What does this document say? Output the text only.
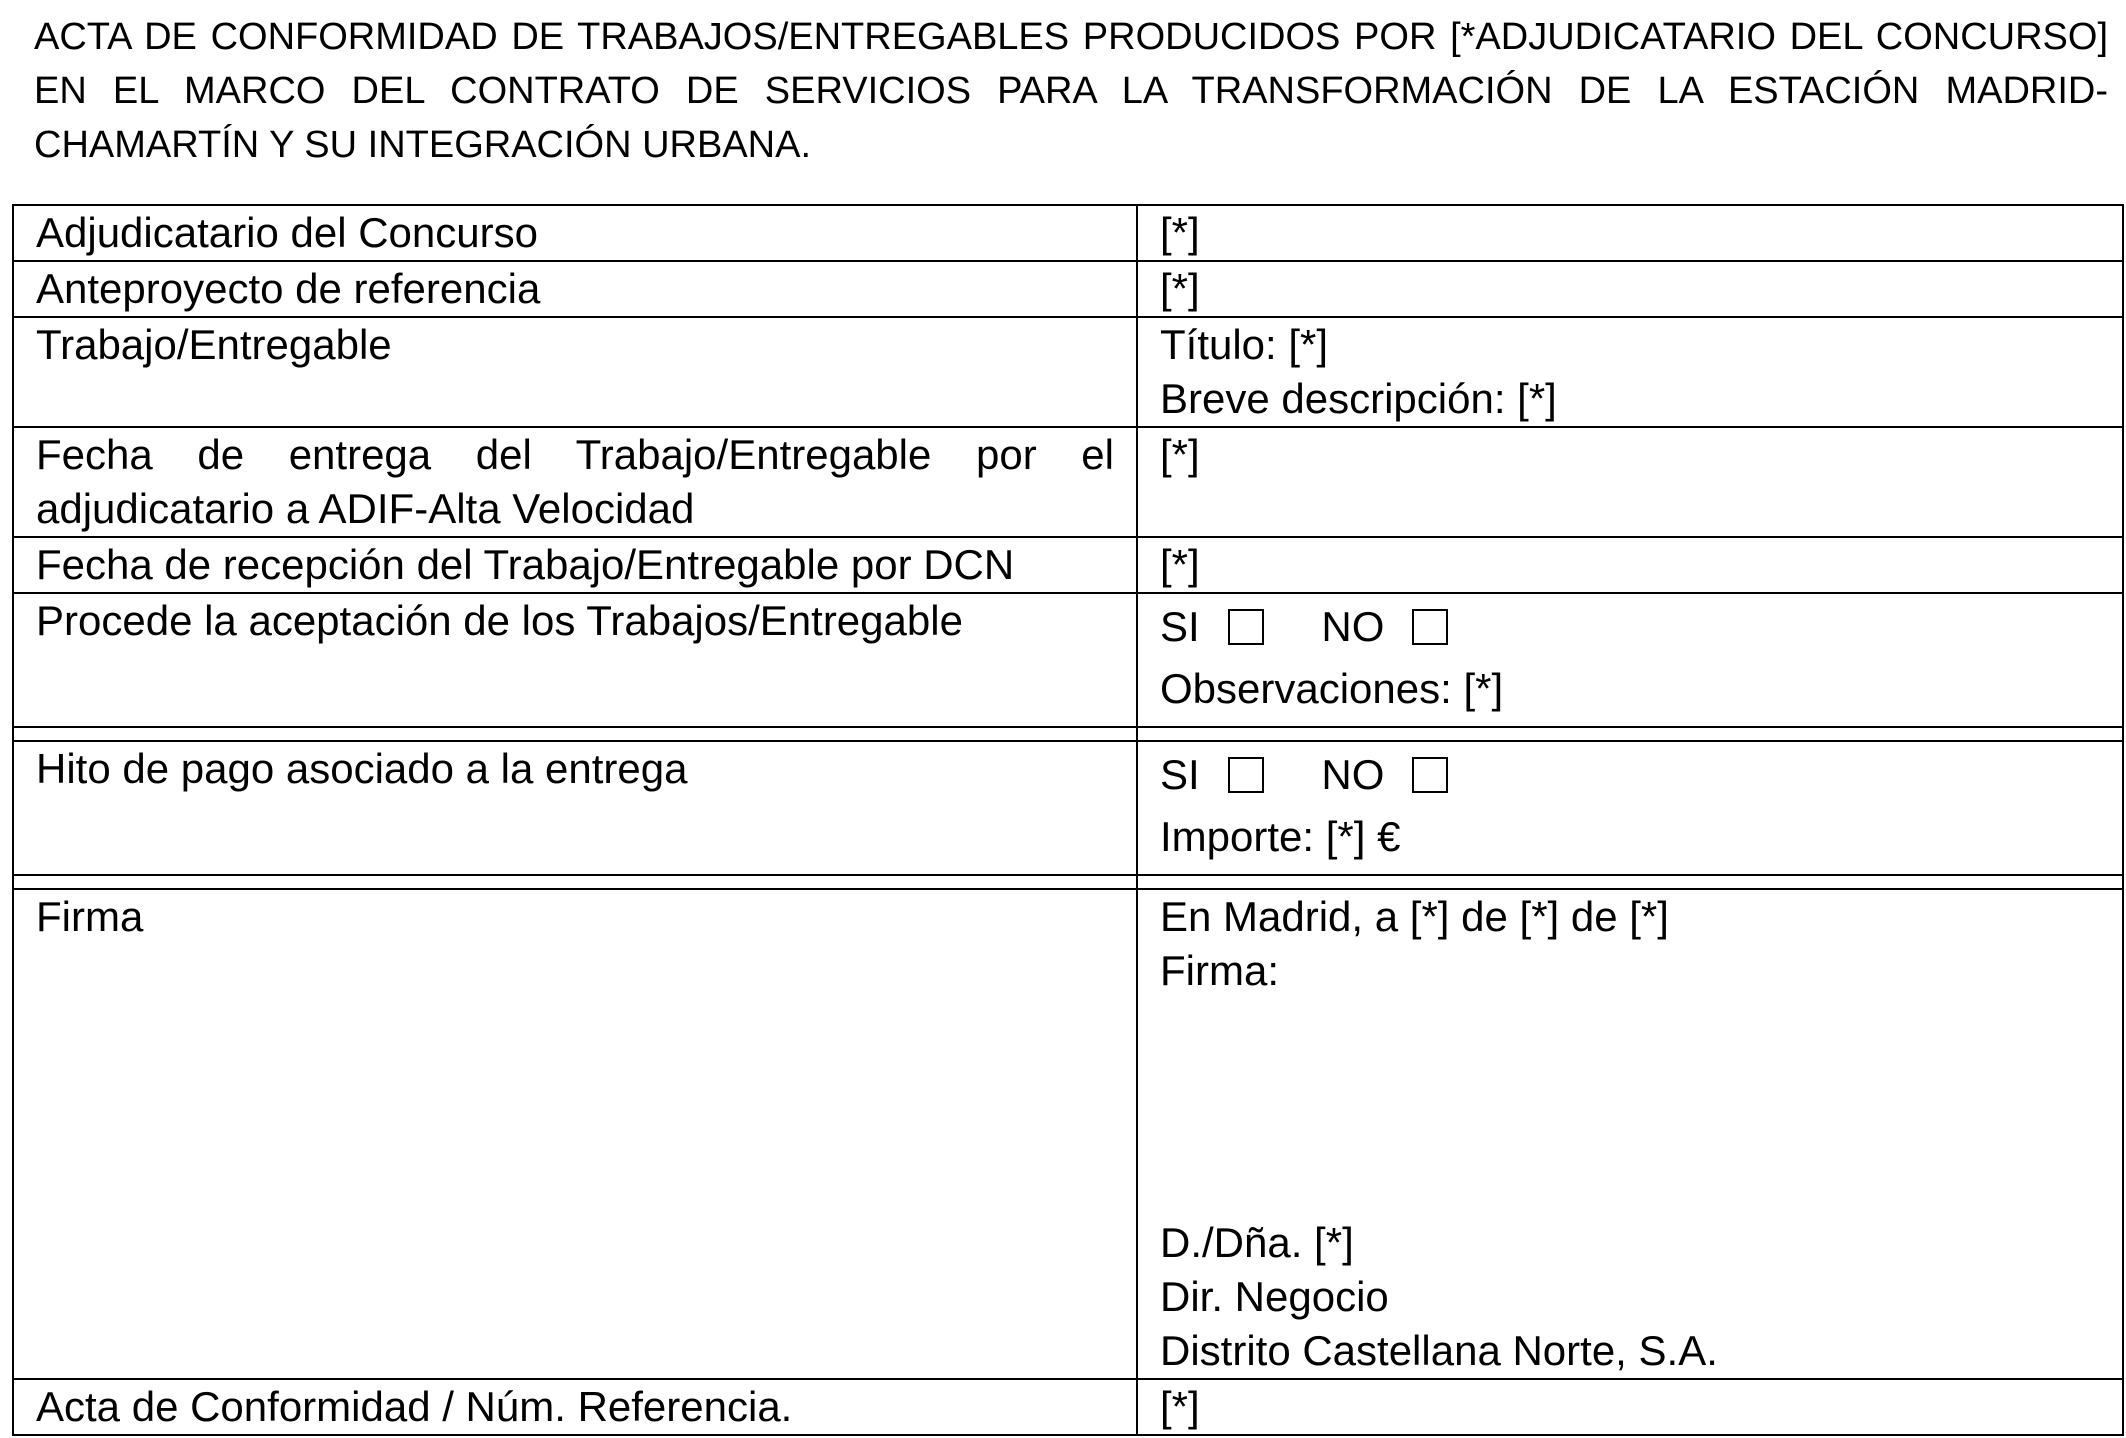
ACTA DE CONFORMIDAD DE TRABAJOS/ENTREGABLES PRODUCIDOS POR [*ADJUDICATARIO DEL CONCURSO] EN EL MARCO DEL CONTRATO DE SERVICIOS PARA LA TRANSFORMACIÓN DE LA ESTACIÓN MADRID-CHAMARTÍN Y SU INTEGRACIÓN URBANA.

Adjudicatario del Concurso	[*]
Anteproyecto de referencia	[*]
Trabajo/Entregable	Título: [*]
Breve descripción: [*]

Fecha de entrega del Trabajo/Entregable por el adjudicatario a ADIF-Alta Velocidad	[*]
Fecha de recepción del Trabajo/Entregable por DCN	[*]
Procede la aceptación de los Trabajos/Entregable	SI NO
Observaciones: [*]

Hito de pago asociado a la entrega	SI NO
Importe: [*] €

Firma	En Madrid, a [*] de [*] de [*]
Firma:
D./Dña. [*]
Dir. Negocio
Distrito Castellana Norte, S.A.

Acta de Conformidad / Núm. Referencia.	[*]
